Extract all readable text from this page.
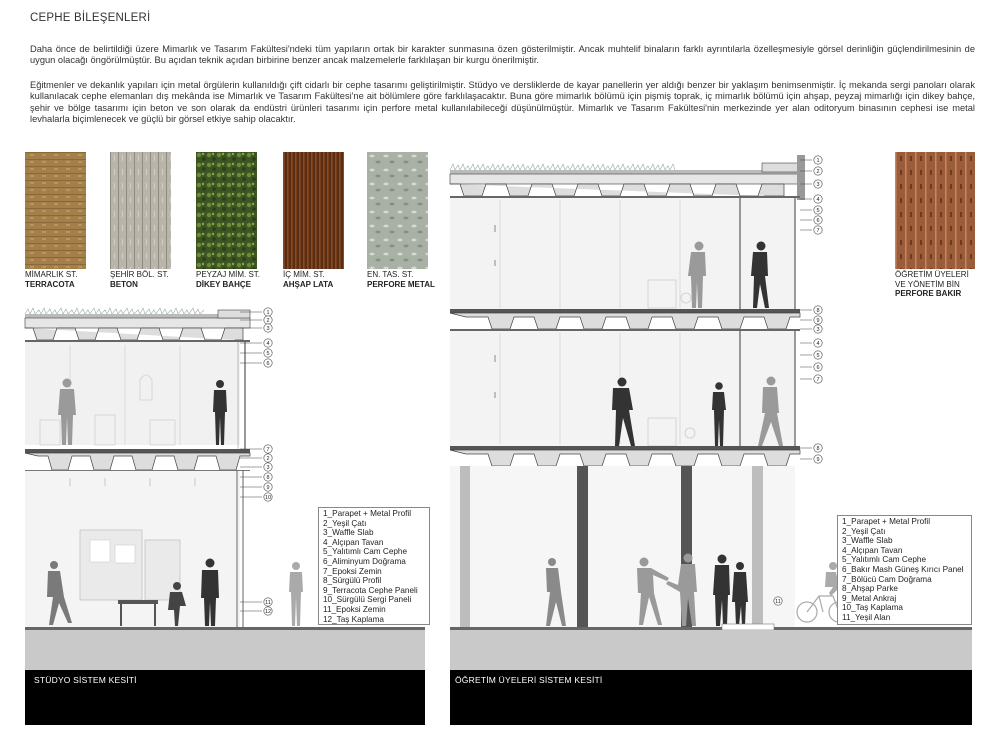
CEPHE BİLEŞENLERİ
Daha önce de belirtildiği üzere Mimarlık ve Tasarım Fakültesi'ndeki tüm yapıların ortak bir karakter sunmasına özen gösterilmiştir. Ancak muhtelif binaların farklı ayrıntılarla özelleşmesiyle görsel derinliğin güçlendirilmesinin de uygun olacağı öngörülmüştür. Bu açıdan teknik açıdan birbirine benzer ancak malzemelerle farklılaşan bir kurgu önerilmiştir.
Eğitmenler ve dekanlık yapıları için metal örgülerin kullanıldığı çift cidarlı bir cephe tasarımı geliştirilmiştir. Stüdyo ve dersliklerde de kayar panellerin yer aldığı benzer bir yaklaşım benimsenmiştir. İç mekanda sergi panoları olarak kullanılacak cephe elemanları dış mekânda ise Mimarlık ve Tasarım Fakültesi'ne ait bölümlere göre farklılaşacaktır. Buna göre mimarlık bölümü için pişmiş toprak, iç mimarlık bölümü için ahşap, peyzaj mimarlığı için dikey bahçe, şehir ve bölge tasarımı için beton ve son olarak da endüstri ürünleri tasarımı için perfore metal kullanılabileceği düşünülmüştür. Mimarlık ve Tasarım Fakültesi'nin merkezinde yer alan oditoryum binasının cephesi ise metal levhalarla biçimlenecek ve güçlü bir görsel etkiye sahip olacaktır.
MİMARLIK ST.
TERRACOTA
ŞEHİR BÖL. ST.
BETON
PEYZAJ MİM. ST.
DİKEY BAHÇE
İÇ MİM. ST.
AHŞAP LATA
EN. TAS. ST.
PERFORE METAL
ÖĞRETİM ÜYELERİ
VE YÖNETİM BİN
PERFORE BAKIR
1
2
3
4
5
6
7
2
3
8
9
10
11
12
1
2
3
4
5
6
7
8
9
3
4
5
6
7
8
9
11
1_Parapet + Metal Profil
2_Yeşil Çatı
3_Waffle Slab
4_Alçıpan Tavan
5_Yalıtımlı Cam Cephe
6_Aliminyum Doğrama
7_Epoksi Zemin
8_Sürgülü Profil
9_Terracota Cephe Paneli
10_Sürgülü Sergi Paneli
11_Epoksi Zemin
12_Taş Kaplama
1_Parapet + Metal Profil
2_Yeşil Çatı
3_Waffle Slab
4_Alçıpan Tavan
5_Yalıtımlı Cam Cephe
6_Bakır Mash Güneş Kırıcı Panel
7_Bölücü Cam Doğrama
8_Ahşap Parke
9_Metal Ankraj
10_Taş Kaplama
11_Yeşil Alan
STÜDYO SİSTEM KESİTİ	ÖĞRETİM ÜYELERİ SİSTEM KESİTİ
